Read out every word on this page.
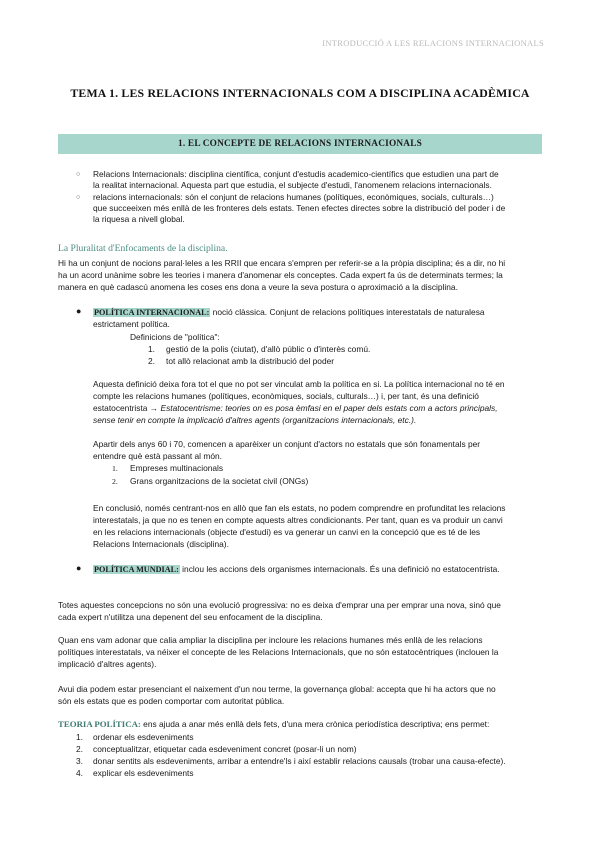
INTRODUCCIÓ A LES RELACIONS INTERNACIONALS
TEMA 1. LES RELACIONS INTERNACIONALS COM A DISCIPLINA ACADÈMICA
1. EL CONCEPTE DE RELACIONS INTERNACIONALS
○ Relacions Internacionals: disciplina científica, conjunt d'estudis academico-científics que estudien una part de
la realitat internacional. Aquesta part que estudia, el subjecte d'estudi, l'anomenem relacions internacionals.
○ relacions internacionals: són el conjunt de relacions humanes (polítiques, econòmiques, socials, culturals…)
que succeeixen més enllà de les fronteres dels estats. Tenen efectes directes sobre la distribució del poder i de
la riquesa a nivell global.
La Pluralitat d'Enfocaments de la disciplina.
Hi ha un conjunt de nocions paral·leles a les RRII que encara s'empren per referir-se a la pròpia disciplina; és a dir, no hi
ha un acord unànime sobre les teories i manera d'anomenar els conceptes. Cada expert fa ús de determinats termes; la
manera en què cadascú anomena les coses ens dona a veure la seva postura o aproximació a la disciplina.
● POLÍTICA INTERNACIONAL: noció clàssica. Conjunt de relacions polítiques interestatals de naturalesa
estrictament política.
Definicions de "política":
1. gestió de la polis (ciutat), d'allò públic o d'interès comú.
2. tot allò relacionat amb la distribució del poder
Aquesta definició deixa fora tot el que no pot ser vinculat amb la política en si. La política internacional no té en
compte les relacions humanes (polítiques, econòmiques, socials, culturals…) i, per tant, és una definició
estatocentrista → Estatocentrisme: teories on es posa èmfasi en el paper dels estats com a actors principals,
sense tenir en compte la implicació d'altres agents (organitzacions internacionals, etc.).
Apartir dels anys 60 i 70, comencen a aparèixer un conjunt d'actors no estatals que són fonamentals per
entendre què està passant al món.
1. Empreses multinacionals
2. Grans organitzacions de la societat civil (ONGs)
En conclusió, només centrant-nos en allò que fan els estats, no podem comprendre en profunditat les relacions
interestatals, ja que no es tenen en compte aquests altres condicionants. Per tant, quan es va produir un canvi
en les relacions internacionals (objecte d'estudi) es va generar un canvi en la concepció que es té de les
Relacions Internacionals (disciplina).
● POLÍTICA MUNDIAL: inclou les accions dels organismes internacionals. És una definició no estatocentrista.
Totes aquestes concepcions no són una evolució progressiva: no es deixa d'emprar una per emprar una nova, sinó que
cada expert n'utilitza una depenent del seu enfocament de la disciplina.
Quan ens vam adonar que calia ampliar la disciplina per incloure les relacions humanes més enllà de les relacions
polítiques interestatals, va néixer el concepte de les Relacions Internacionals, que no són estatocèntriques (inclouen la
implicació d'altres agents).
Avui dia podem estar presenciant el naixement d'un nou terme, la governança global: accepta que hi ha actors que no
són els estats que es poden comportar com autoritat pública.
TEORIA POLÍTICA: ens ajuda a anar més enllà dels fets, d'una mera crònica periodística descriptiva; ens permet:
1. ordenar els esdeveniments
2. conceptualitzar, etiquetar cada esdeveniment concret (posar-li un nom)
3. donar sentits als esdeveniments, arribar a entendre'ls i així establir relacions causals (trobar una causa-efecte).
4. explicar els esdeveniments
